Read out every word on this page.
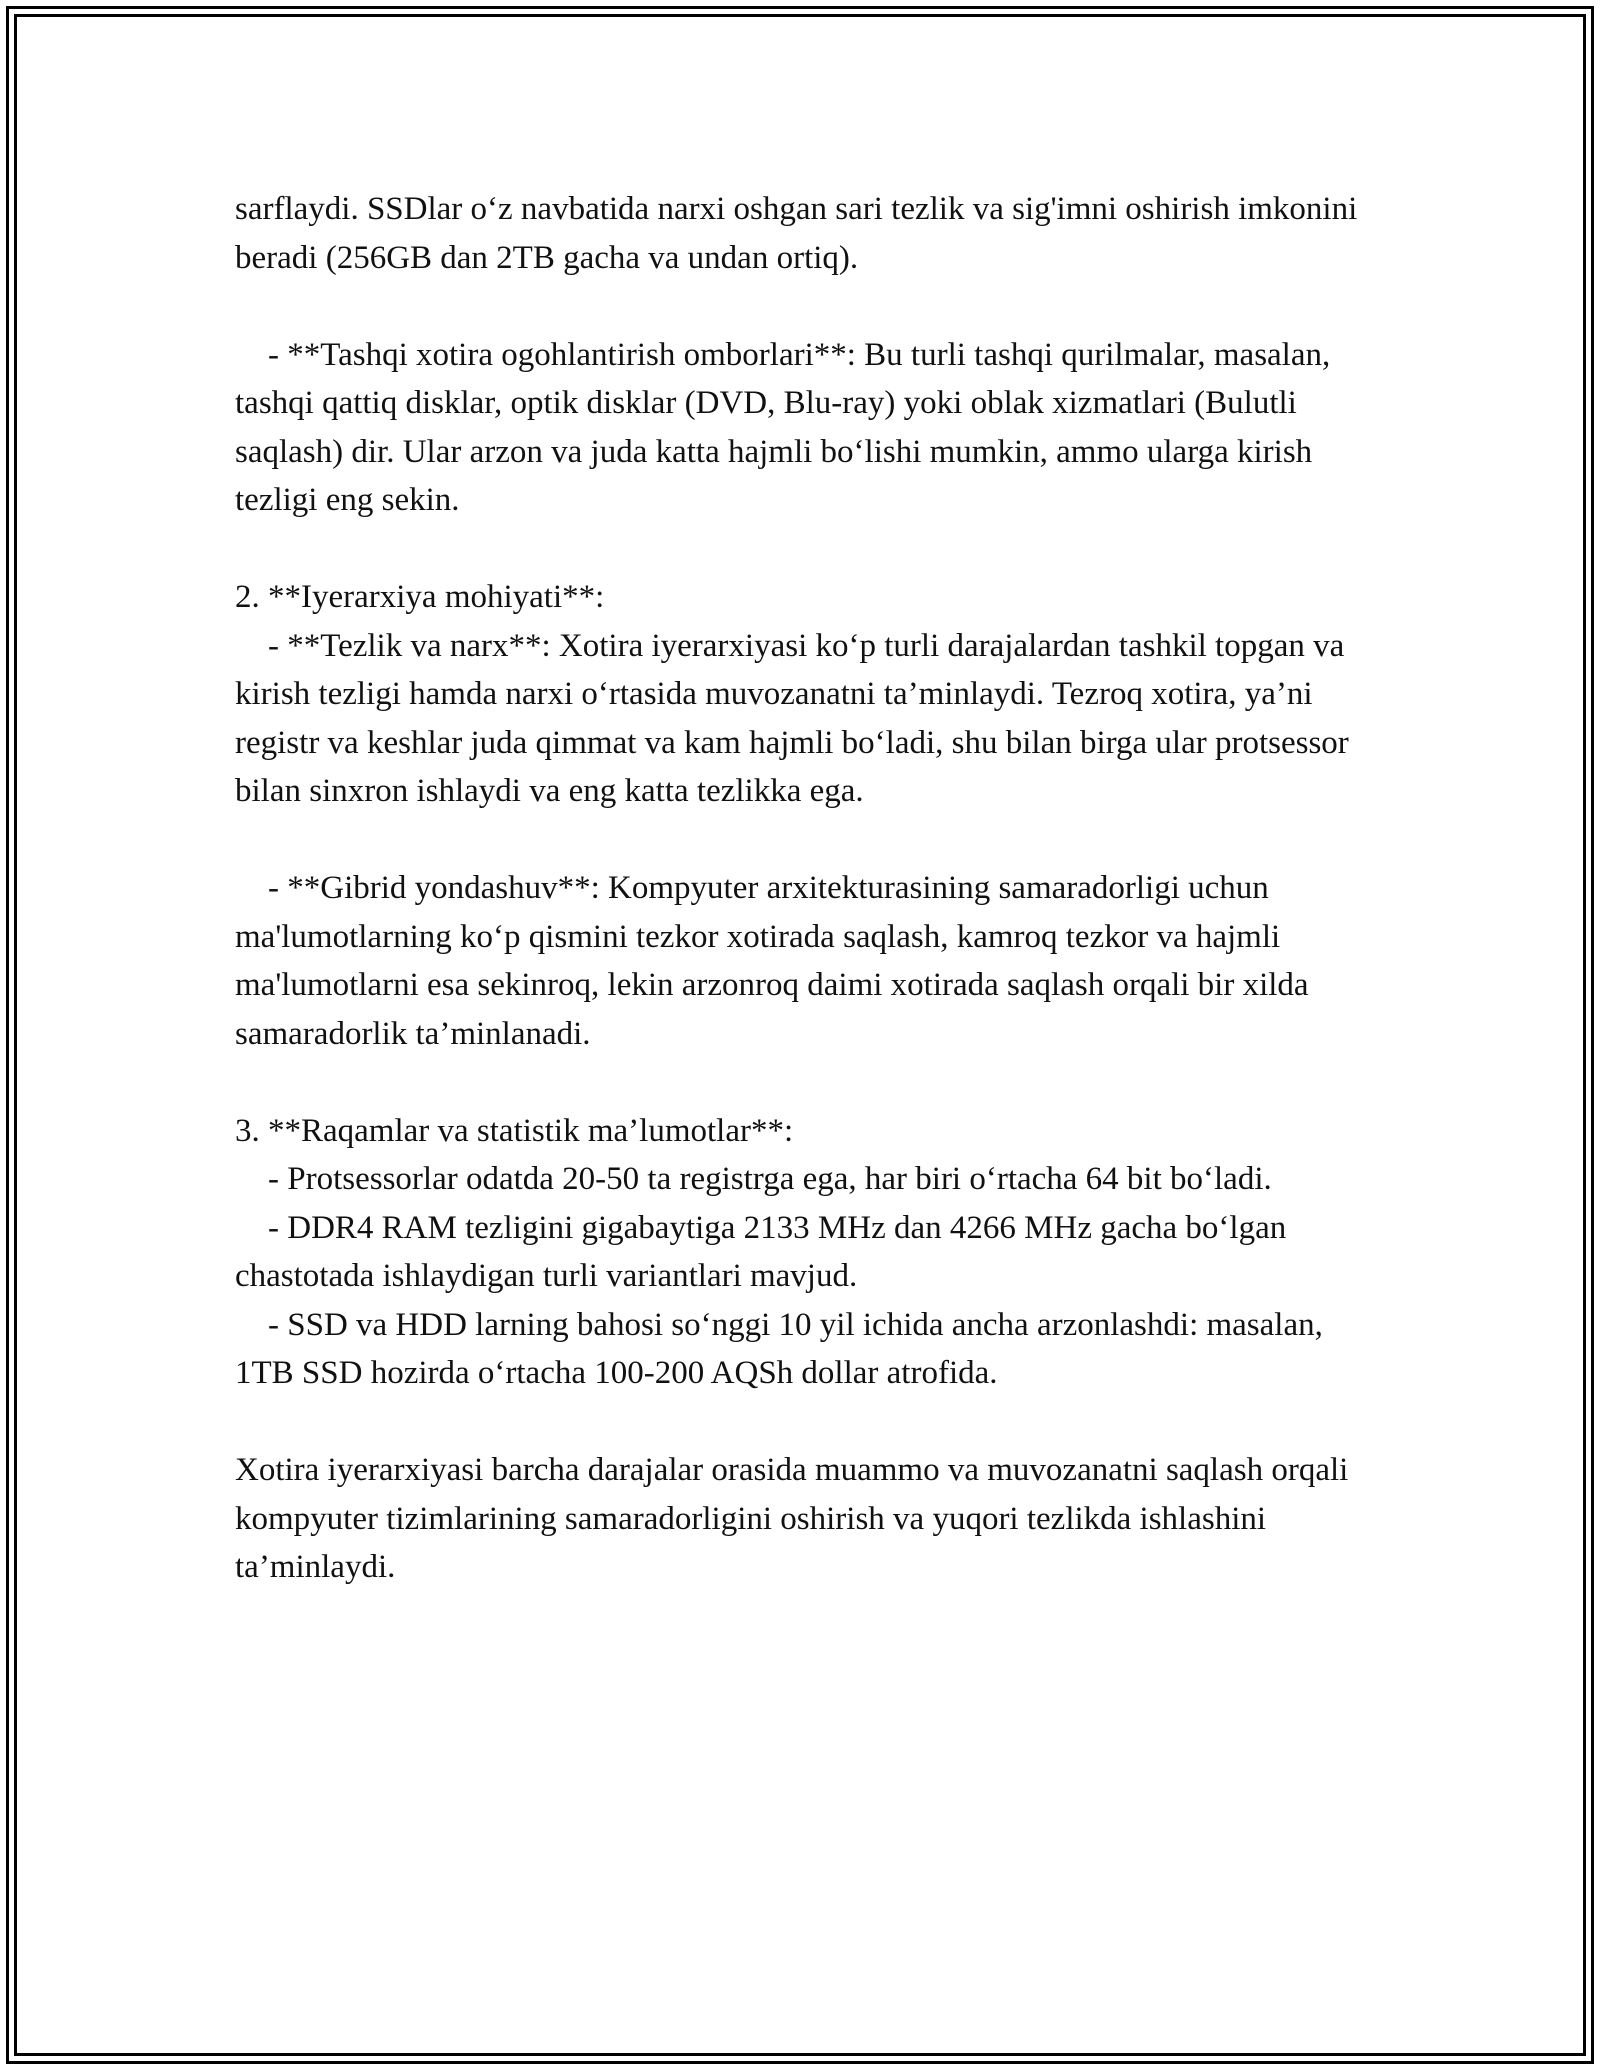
sarflaydi. SSDlar o‘z navbatida narxi oshgan sari tezlik va sig'imni oshirish imkonini beradi (256GB dan 2TB gacha va undan ortiq).

- **Tashqi xotira ogohlantirish omborlari**: Bu turli tashqi qurilmalar, masalan, tashqi qattiq disklar, optik disklar (DVD, Blu-ray) yoki oblak xizmatlari (Bulutli saqlash) dir. Ular arzon va juda katta hajmli bo‘lishi mumkin, ammo ularga kirish tezligi eng sekin.

2. **Iyerarxiya mohiyati**:

- **Tezlik va narx**: Xotira iyerarxiyasi ko‘p turli darajalardan tashkil topgan va kirish tezligi hamda narxi o‘rtasida muvozanatni ta’minlaydi. Tezroq xotira, ya’ni registr va keshlar juda qimmat va kam hajmli bo‘ladi, shu bilan birga ular protsessor bilan sinxron ishlaydi va eng katta tezlikka ega.

- **Gibrid yondashuv**: Kompyuter arxitekturasining samaradorligi uchun ma'lumotlarning ko‘p qismini tezkor xotirada saqlash, kamroq tezkor va hajmli ma'lumotlarni esa sekinroq, lekin arzonroq daimi xotirada saqlash orqali bir xilda samaradorlik ta’minlanadi.

3. **Raqamlar va statistik ma’lumotlar**:

- Protsessorlar odatda 20-50 ta registrga ega, har biri o‘rtacha 64 bit bo‘ladi.

- DDR4 RAM tezligini gigabaytiga 2133 MHz dan 4266 MHz gacha bo‘lgan chastotada ishlaydigan turli variantlari mavjud.

- SSD va HDD larning bahosi so‘nggi 10 yil ichida ancha arzonlashdi: masalan, 1TB SSD hozirda o‘rtacha 100-200 AQSh dollar atrofida.

Xotira iyerarxiyasi barcha darajalar orasida muammo va muvozanatni saqlash orqali kompyuter tizimlarining samaradorligini oshirish va yuqori tezlikda ishlashini ta’minlaydi.
